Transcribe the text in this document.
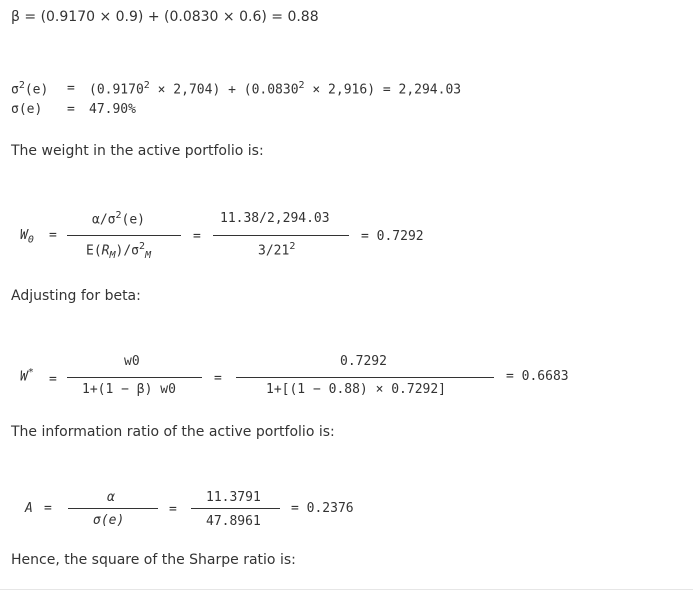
β = (0.9170 × 0.9) + (0.0830 × 0.6) = 0.88
$\sigma^2(e) = (0.9170^2 \times 2,704) + (0.0830^2 \times 2,916) = 2,294.03$
σ(e) = 47.90%
The weight in the active portfolio is:
$W_0$ =
$\alpha/\sigma^2(e)$
$E(R_M)/\sigma^2_M$
=
11.38/2,294.03
$3/21^2$
= 0.7292
Adjusting for beta:
W* =
w0
1+(1 − β) w0
=
0.7292
1+[(1 − 0.88) × 0.7292]
= 0.6683
The information ratio of the active portfolio is:
A =
α
σ(e)
=
11.3791
47.8961
= 0.2376
Hence, the square of the Sharpe ratio is:
